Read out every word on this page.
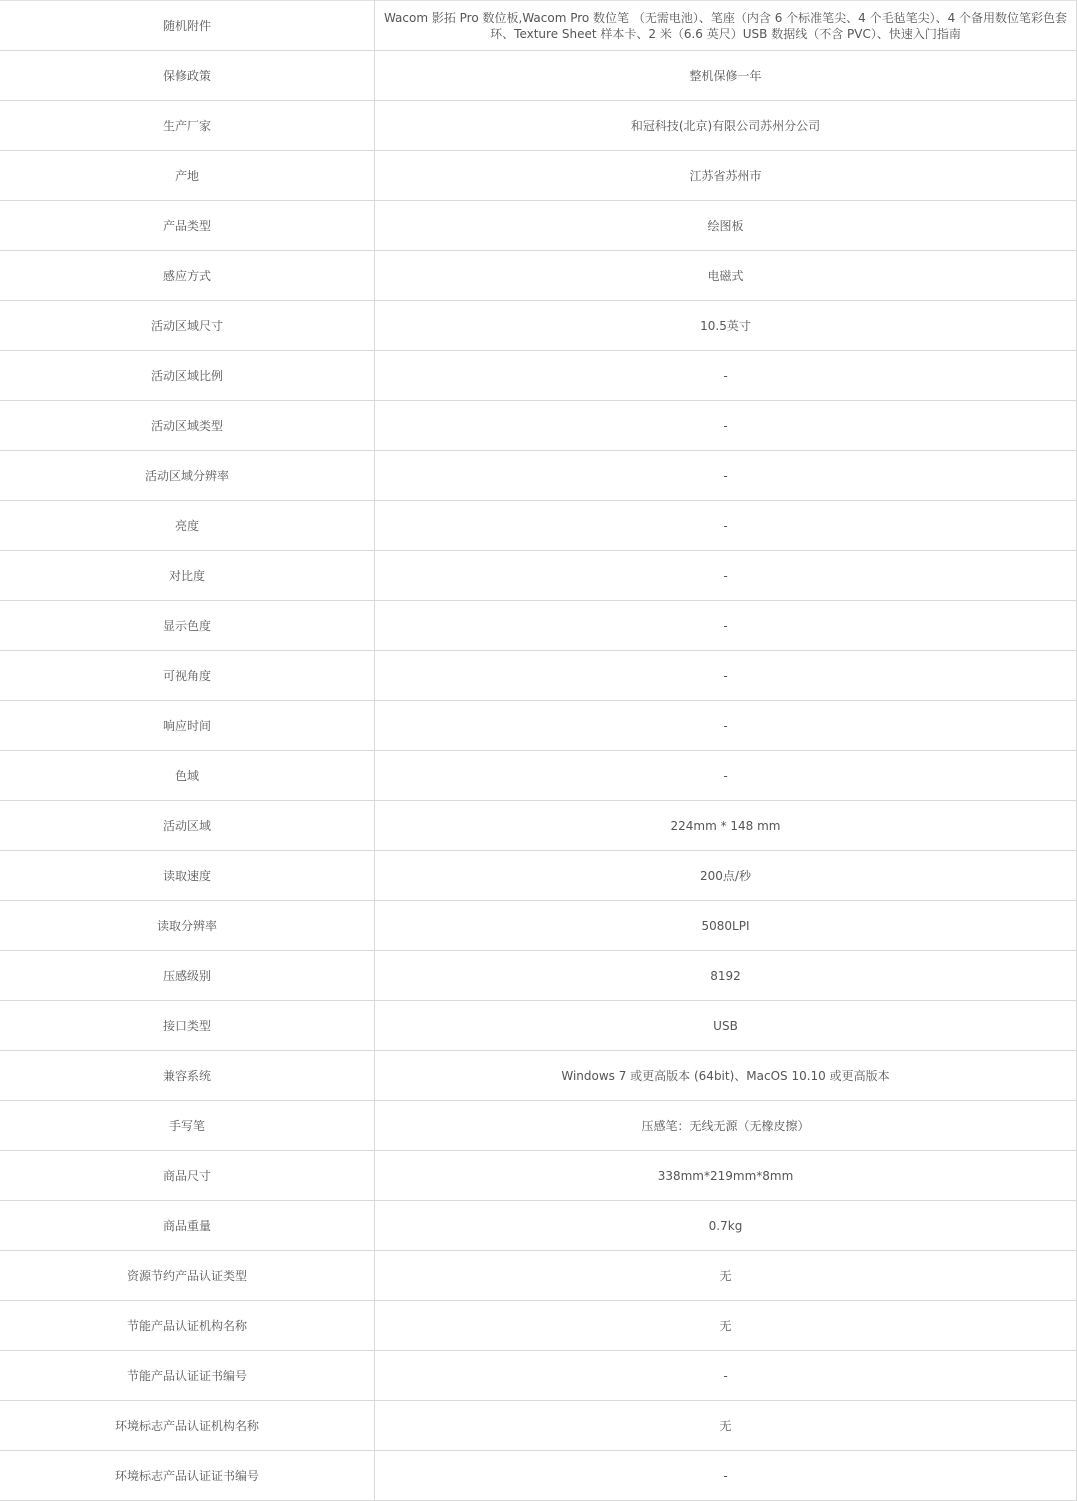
随机附件	Wacom 影拓 Pro 数位板,Wacom Pro 数位笔 （无需电池）、笔座（内含 6 个标准笔尖、4 个毛毡笔尖）、4 个备用数位笔彩色套环、Texture Sheet 样本卡、2 米（6.6 英尺）USB 数据线（不含 PVC）、快速入门指南
保修政策	整机保修一年
生产厂家	和冠科技(北京)有限公司苏州分公司
产地	江苏省苏州市
产品类型	绘图板
感应方式	电磁式
活动区域尺寸	10.5英寸
活动区域比例	-
活动区域类型	-
活动区域分辨率	-
亮度	-
对比度	-
显示色度	-
可视角度	-
响应时间	-
色域	-
活动区域	224mm * 148 mm
读取速度	200点/秒
读取分辨率	5080LPI
压感级别	8192
接口类型	USB
兼容系统	Windows 7 或更高版本 (64bit)、MacOS 10.10 或更高版本
手写笔	压感笔：无线无源（无橡皮擦）
商品尺寸	338mm*219mm*8mm
商品重量	0.7kg
资源节约产品认证类型	无
节能产品认证机构名称	无
节能产品认证证书编号	-
环境标志产品认证机构名称	无
环境标志产品认证证书编号	-
